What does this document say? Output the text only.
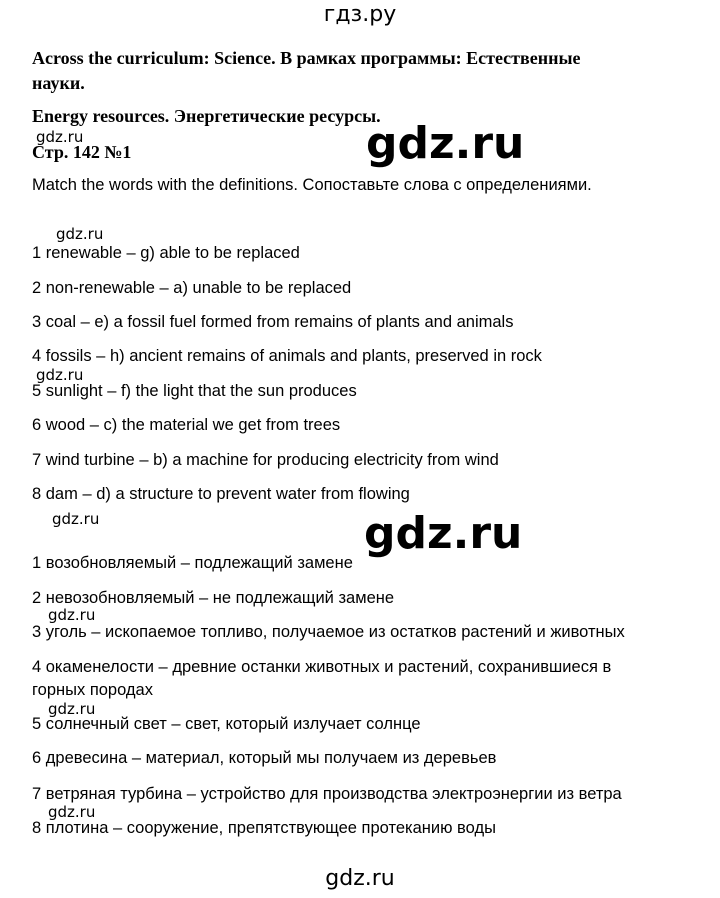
гдз.ру
Across the curriculum: Science. В рамках программы: Естественные
науки.
Energy resources. Энергетические ресурсы.
Стр. 142 №1
Match the words with the definitions. Сопоставьте слова с определениями.
gdz.ru	gdz.ru
gdz.ru
1 renewable – g) able to be replaced
2 non-renewable – a) unable to be replaced
3 coal – e) a fossil fuel formed from remains of plants and animals
4 fossils – h) ancient remains of animals and plants, preserved in rock
gdz.ru
5 sunlight – f) the light that the sun produces
6 wood – c) the material we get from trees
7 wind turbine – b) a machine for producing electricity from wind
8 dam – d) a structure to prevent water from flowing
gdz.ru	gdz.ru
1 возобновляемый – подлежащий замене
2 невозобновляемый – не подлежащий замене
gdz.ru
3 уголь – ископаемое топливо, получаемое из остатков растений и животных
4 окаменелости – древние останки животных и растений, сохранившиеся в
горных породах
gdz.ru
5 солнечный свет – свет, который излучает солнце
6 древесина – материал, который мы получаем из деревьев
7 ветряная турбина – устройство для производства электроэнергии из ветра
gdz.ru
8 плотина – сооружение, препятствующее протеканию воды
gdz.ru
